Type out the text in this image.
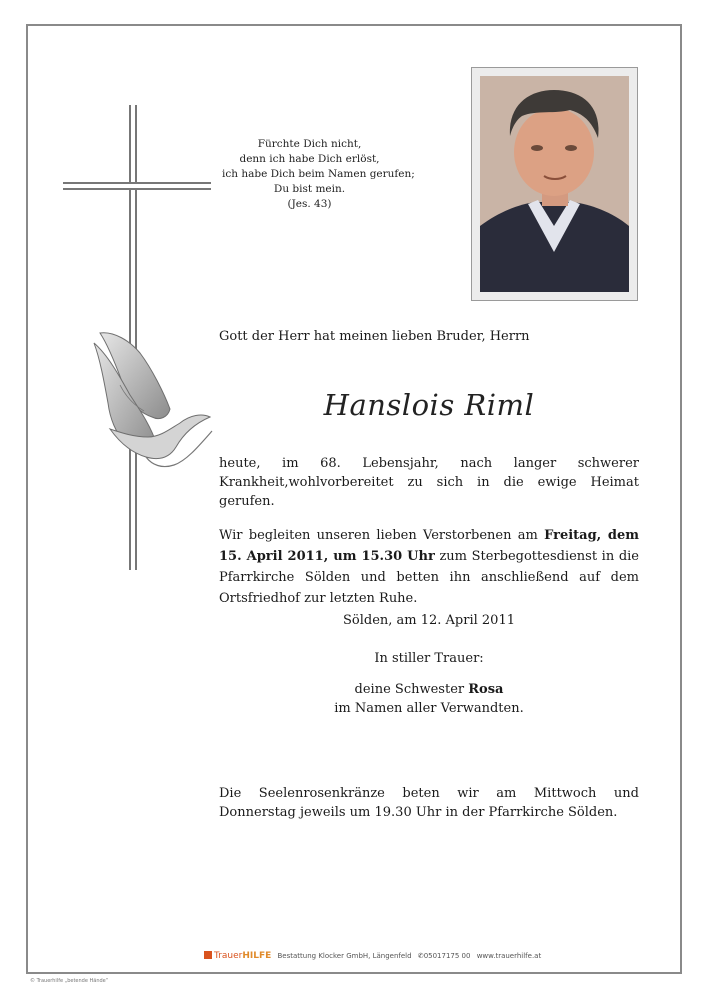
Fürchte Dich nicht,
denn ich habe Dich erlöst,
ich habe Dich beim Namen gerufen;
Du bist mein.
(Jes. 43)
Gott der Herr hat meinen lieben Bruder, Herrn
Hanslois Riml
heute, im 68. Lebensjahr, nach langer schwerer Krankheit,wohlvorbereitet zu sich in die ewige Heimat gerufen.
Wir begleiten unseren lieben Verstorbenen am Freitag, dem 15. April 2011, um 15.30 Uhr zum Sterbegottesdienst in die Pfarrkirche Sölden und betten ihn anschließend auf dem Ortsfriedhof zur letzten Ruhe.
Sölden, am 12. April 2011
In stiller Trauer:
deine Schwester Rosa
im Namen aller Verwandten.
Die Seelenrosenkränze beten wir am Mittwoch und Donnerstag jeweils um 19.30 Uhr in der Pfarrkirche Sölden.
TrauerHILFE Bestattung Klocker GmbH, Längenfeld ✆05017175 00 www.trauerhilfe.at
© Trauerhilfe „betende Hände“
